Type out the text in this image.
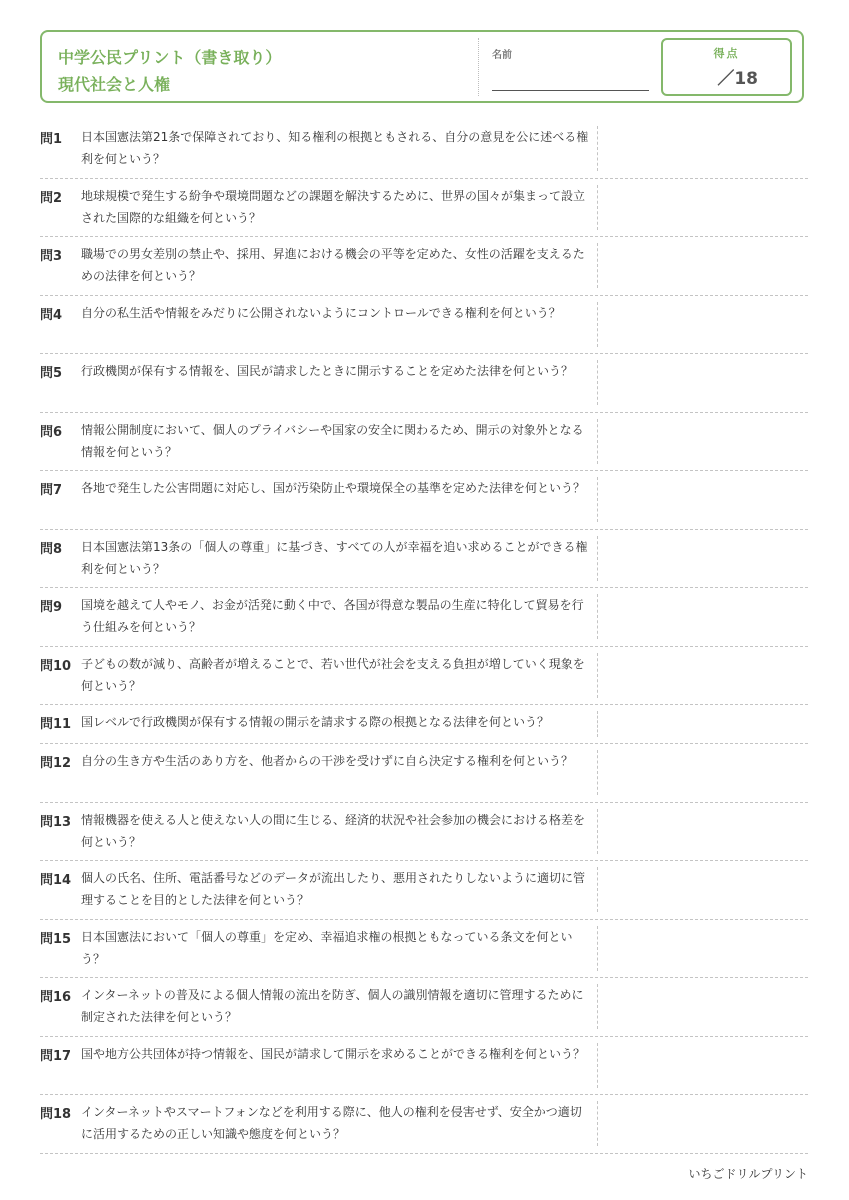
中学公民プリント（書き取り）
現代社会と人権
名前	得点
／18
問1 日本国憲法第21条で保障されており、知る権利の根拠ともされる、自分の意見を公に述べる権利を何という？
問2 地球規模で発生する紛争や環境問題などの課題を解決するために、世界の国々が集まって設立された国際的な組織を何という？
問3 職場での男女差別の禁止や、採用、昇進における機会の平等を定めた、女性の活躍を支えるための法律を何という？
問4 自分の私生活や情報をみだりに公開されないようにコントロールできる権利を何という？
問5 行政機関が保有する情報を、国民が請求したときに開示することを定めた法律を何という？
問6 情報公開制度において、個人のプライバシーや国家の安全に関わるため、開示の対象外となる情報を何という？
問7 各地で発生した公害問題に対応し、国が汚染防止や環境保全の基準を定めた法律を何という？
問8 日本国憲法第13条の「個人の尊重」に基づき、すべての人が幸福を追い求めることができる権利を何という？
問9 国境を越えて人やモノ、お金が活発に動く中で、各国が得意な製品の生産に特化して貿易を行う仕組みを何という？
問10 子どもの数が減り、高齢者が増えることで、若い世代が社会を支える負担が増していく現象を何という？
問11 国レベルで行政機関が保有する情報の開示を請求する際の根拠となる法律を何という？
問12 自分の生き方や生活のあり方を、他者からの干渉を受けずに自ら決定する権利を何という？
問13 情報機器を使える人と使えない人の間に生じる、経済的状況や社会参加の機会における格差を何という？
問14 個人の氏名、住所、電話番号などのデータが流出したり、悪用されたりしないように適切に管理することを目的とした法律を何という？
問15 日本国憲法において「個人の尊重」を定め、幸福追求権の根拠ともなっている条文を何という？
問16 インターネットの普及による個人情報の流出を防ぎ、個人の識別情報を適切に管理するために制定された法律を何という？
問17 国や地方公共団体が持つ情報を、国民が請求して開示を求めることができる権利を何という？
問18 インターネットやスマートフォンなどを利用する際に、他人の権利を侵害せず、安全かつ適切に活用するための正しい知識や態度を何という？
いちごドリルプリント
